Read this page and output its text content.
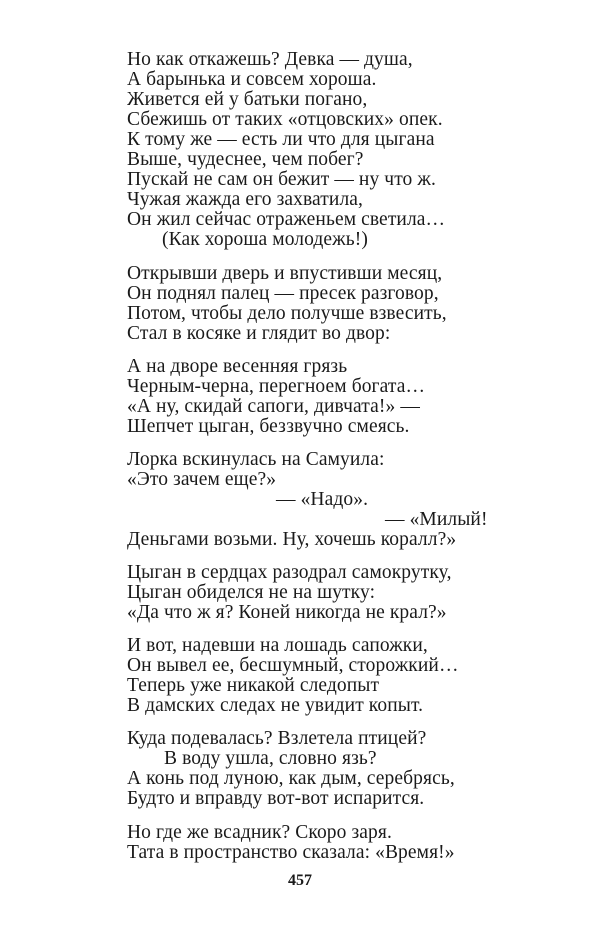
Но как откажешь? Девка — душа,
А барынька и совсем хороша.
Живется ей у батьки погано,
Сбежишь от таких «отцовских» опек.
К тому же — есть ли что для цыгана
Выше, чудеснее, чем побег?
Пускай не сам он бежит — ну что ж.
Чужая жажда его захватила,
Он жил сейчас отраженьем светила…
(Как хороша молодежь!)
Открывши дверь и впустивши месяц,
Он поднял палец — пресек разговор,
Потом, чтобы дело получше взвесить,
Стал в косяке и глядит во двор:
А на дворе весенняя грязь
Черным-черна, перегноем богата…
«А ну, скидай сапоги, дивчата!» —
Шепчет цыган, беззвучно смеясь.
Лорка вскинулась на Самуила:
«Это зачем еще?»
— «Надо».
— «Милый!
Деньгами возьми. Ну, хочешь коралл?»
Цыган в сердцах разодрал самокрутку,
Цыган обиделся не на шутку:
«Да что ж я? Коней никогда не крал?»
И вот, надевши на лошадь сапожки,
Он вывел ее, бесшумный, сторожкий…
Теперь уже никакой следопыт
В дамских следах не увидит копыт.
Куда подевалась? Взлетела птицей?
В воду ушла, словно язь?
А конь под луною, как дым, серебрясь,
Будто и вправду вот-вот испарится.
Но где же всадник? Скоро заря.
Тата в пространство сказала: «Время!»
457
